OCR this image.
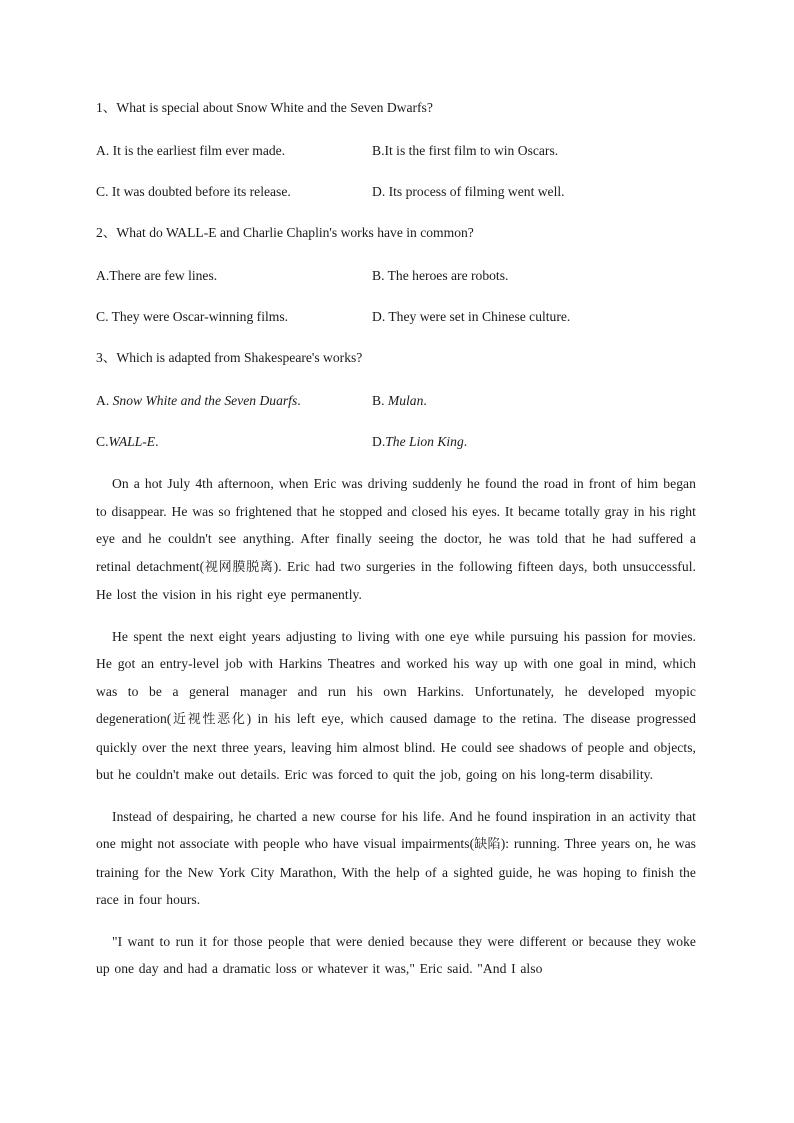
1、What is special about Snow White and the Seven Dwarfs?
A. It is the earliest film ever made.	B.It is the first film to win Oscars.
C. It was doubted before its release.	D. Its process of filming went well.
2、What do WALL-E and Charlie Chaplin's works have in common?
A.There are few lines.	B. The heroes are robots.
C. They were Oscar-winning films.	D. They were set in Chinese culture.
3、Which is adapted from Shakespeare's works?
A. Snow White and the Seven Duarfs.	B. Mulan.
C.WALL-E.	D.The Lion King.

On a hot July 4th afternoon, when Eric was driving suddenly he found the road in front of him began to disappear. He was so frightened that he stopped and closed his eyes. It became totally gray in his right eye and he couldn't see anything. After finally seeing the doctor, he was told that he had suffered a retinal detachment(视网膜脱离). Eric had two surgeries in the following fifteen days, both unsuccessful. He lost the vision in his right eye permanently.

He spent the next eight years adjusting to living with one eye while pursuing his passion for movies. He got an entry-level job with Harkins Theatres and worked his way up with one goal in mind, which was to be a general manager and run his own Harkins. Unfortunately, he developed myopic degeneration(近视性恶化) in his left eye, which caused damage to the retina. The disease progressed quickly over the next three years, leaving him almost blind. He could see shadows of people and objects, but he couldn't make out details. Eric was forced to quit the job, going on his long-term disability.

Instead of despairing, he charted a new course for his life. And he found inspiration in an activity that one might not associate with people who have visual impairments(缺陷): running. Three years on, he was training for the New York City Marathon, With the help of a sighted guide, he was hoping to finish the race in four hours.

"I want to run it for those people that were denied because they were different or because they woke up one day and had a dramatic loss or whatever it was," Eric said. "And I also
